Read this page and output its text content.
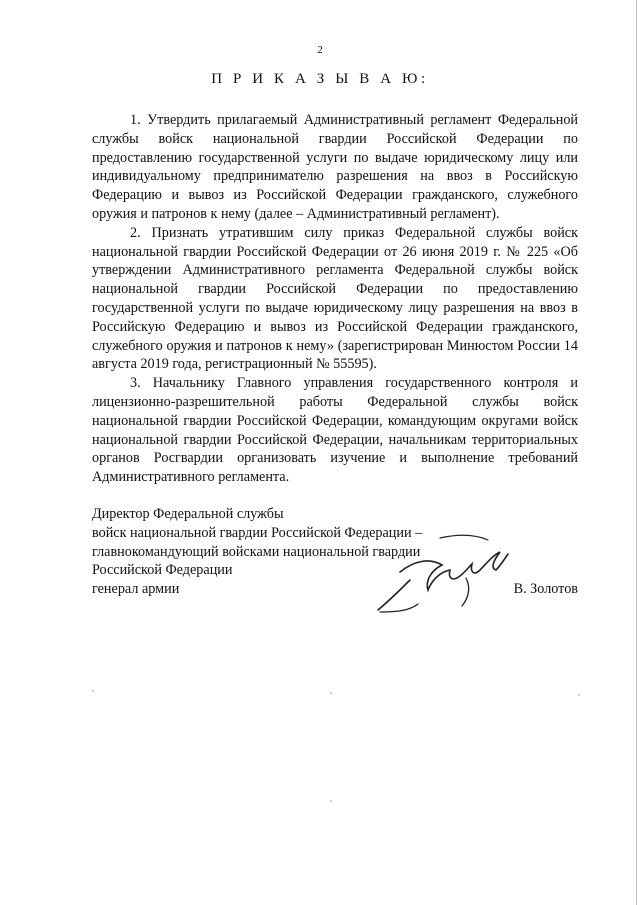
2
П Р И К А З Ы В А Ю:

1. Утвердить прилагаемый Административный регламент Федеральной службы войск национальной гвардии Российской Федерации по предоставлению государственной услуги по выдаче юридическому лицу или индивидуальному предпринимателю разрешения на ввоз в Российскую Федерацию и вывоз из Российской Федерации гражданского, служебного оружия и патронов к нему (далее – Административный регламент).

2. Признать утратившим силу приказ Федеральной службы войск национальной гвардии Российской Федерации от 26 июня 2019 г. № 225 «Об утверждении Административного регламента Федеральной службы войск национальной гвардии Российской Федерации по предоставлению государственной услуги по выдаче юридическому лицу разрешения на ввоз в Российскую Федерацию и вывоз из Российской Федерации гражданского, служебного оружия и патронов к нему» (зарегистрирован Минюстом России 14 августа 2019 года, регистрационный № 55595).

3. Начальнику Главного управления государственного контроля и лицензионно-разрешительной работы Федеральной службы войск национальной гвардии Российской Федерации, командующим округами войск национальной гвардии Российской Федерации, начальникам территориальных органов Росгвардии организовать изучение и выполнение требований Административного регламента.

Директор Федеральной службы
войск национальной гвардии Российской Федерации –
главнокомандующий войсками национальной гвардии
Российской Федерации
генерал армии	В. Золотов
